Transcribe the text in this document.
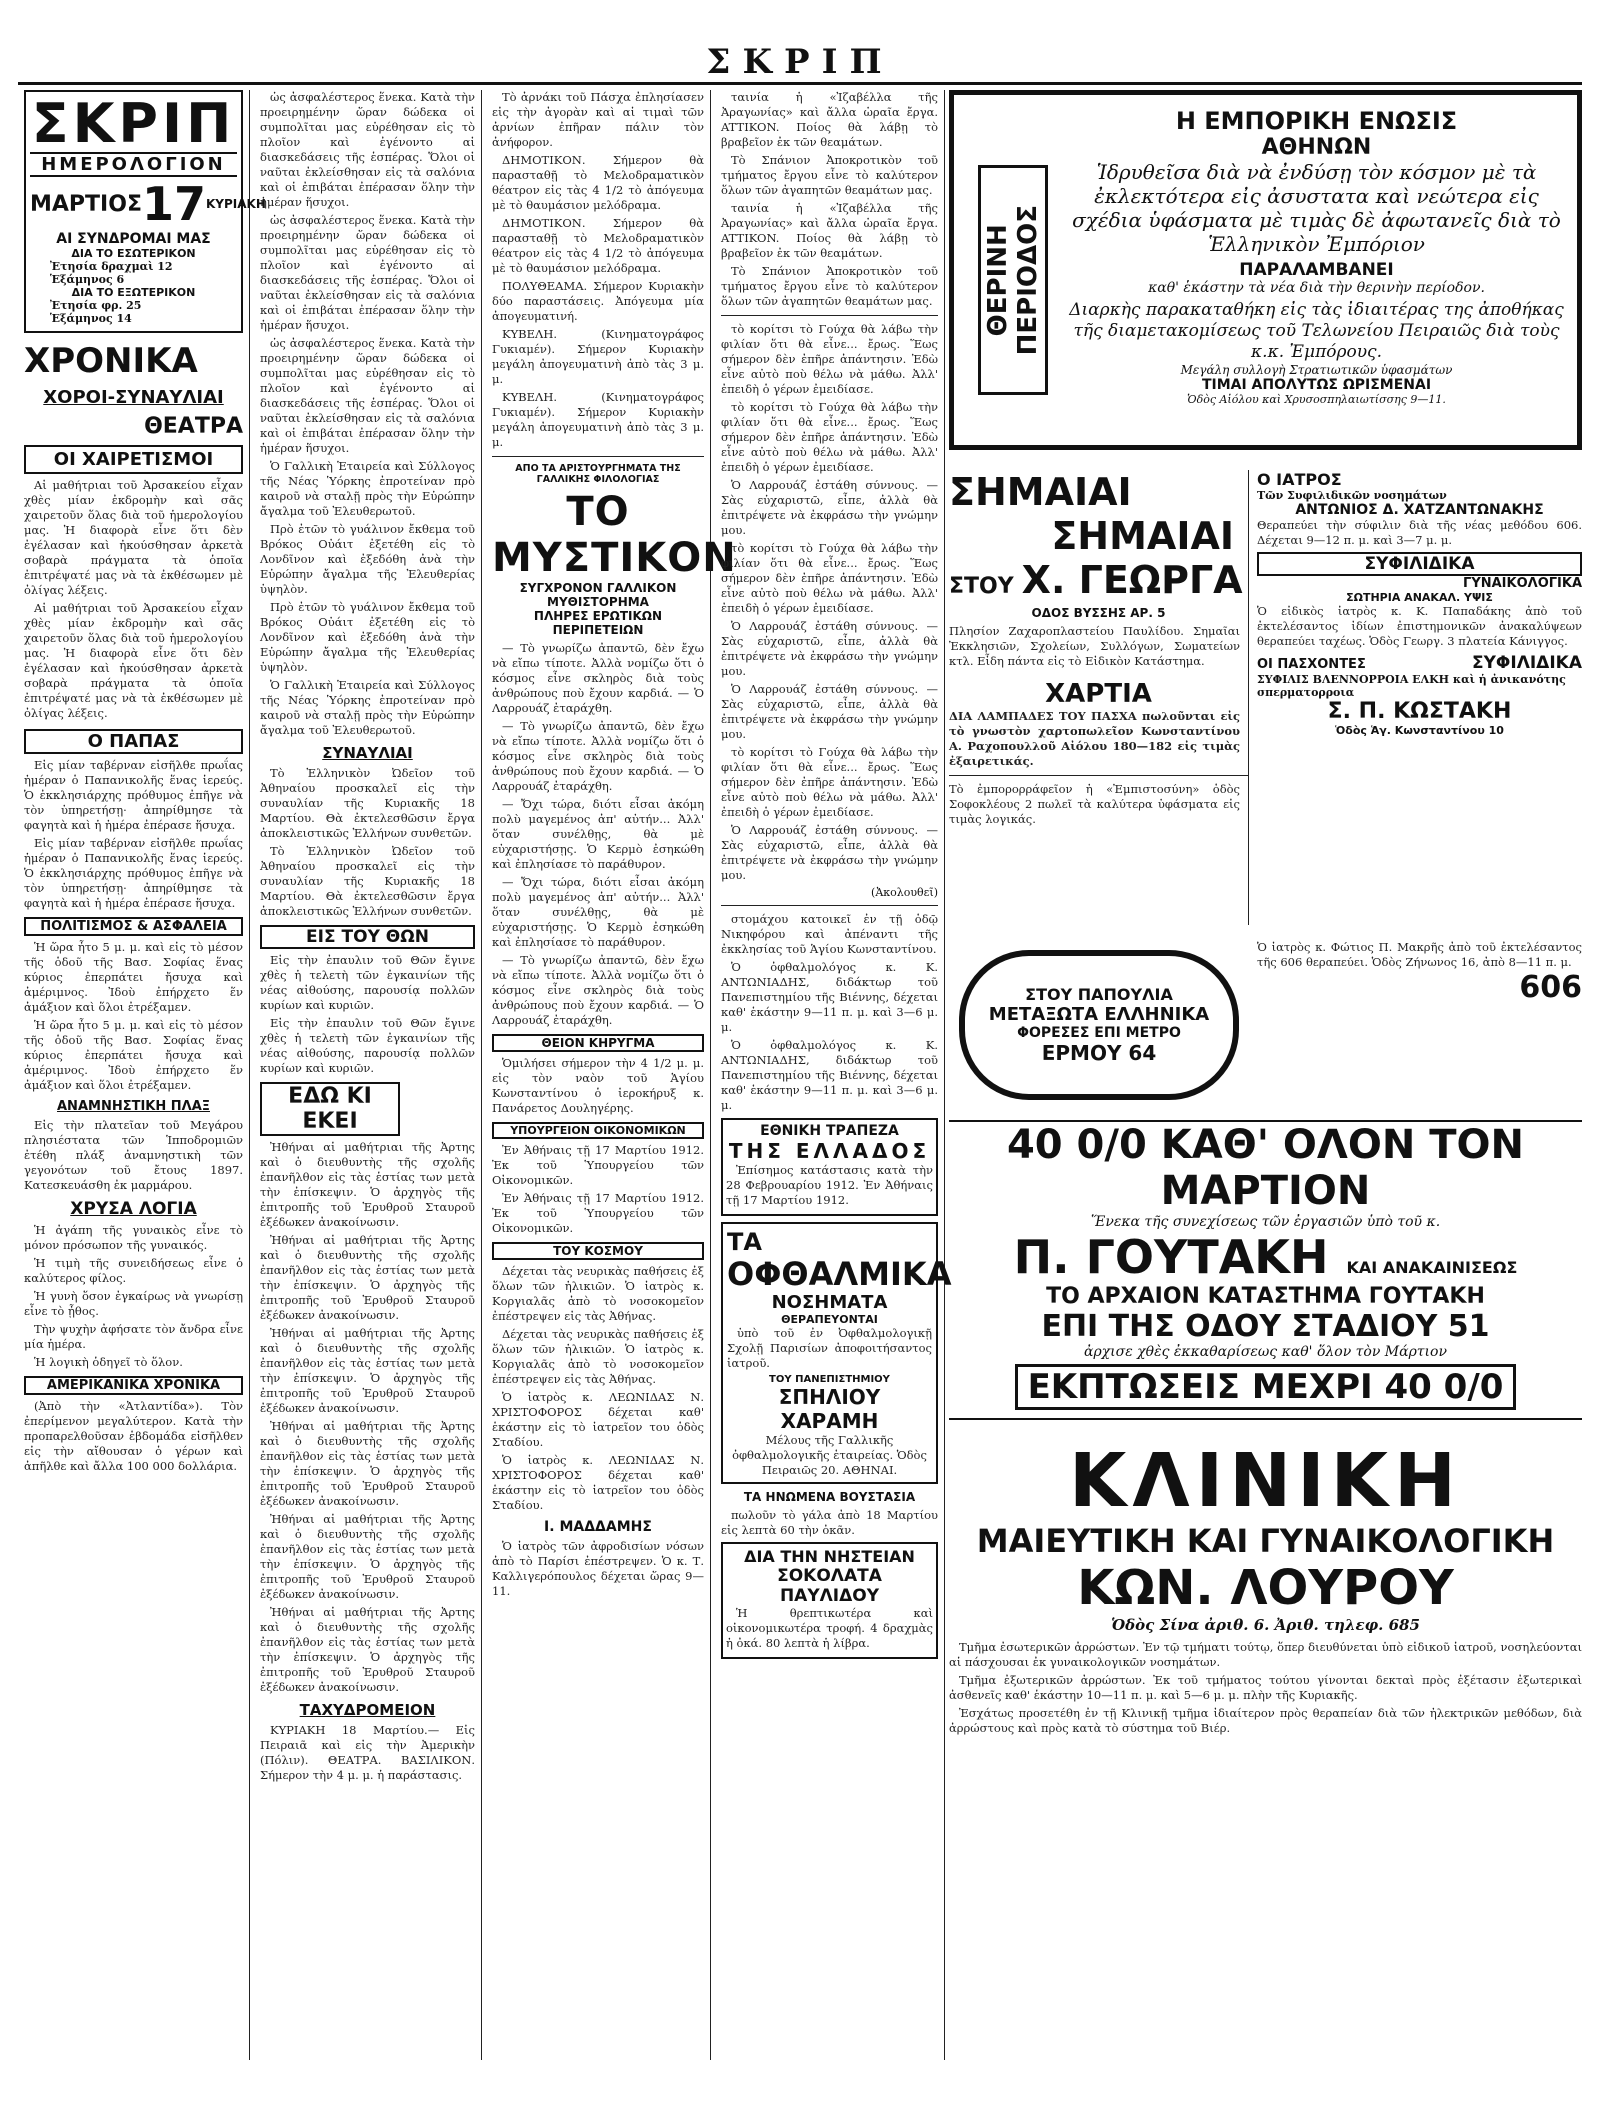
ΣΚΡΙΠ
ΣΚΡΙΠ
ΗΜΕΡΟΛΟΓΙΟΝ
ΜΑΡΤΙΟΣ 17 ΚΥΡΙΑΚΗ
ΑΙ ΣΥΝΔΡΟΜΑΙ ΜΑΣ
ΔΙΑ ΤΟ ΕΣΩΤΕΡΙΚΟΝ
Ἐτησία δραχμαὶ 12
Ἑξάμηνος 6
ΔΙΑ ΤΟ ΕΞΩΤΕΡΙΚΟΝ
Ἐτησία φρ. 25
Ἑξάμηνος 14
ΧΡΟΝΙΚΑ
ΧΟΡΟΙ-ΣΥΝΑΥΛΙΑΙ
ΘΕΑΤΡΑ
ΟΙ ΧΑΙΡΕΤΙΣΜΟΙ

Αἱ μαθήτριαι τοῦ Ἀρσακείου εἶχαν χθὲς μίαν ἐκδρομὴν καὶ σᾶς χαιρετοῦν ὅλας διὰ τοῦ ἡμερολογίου μας. Ἡ διαφορὰ εἶνε ὅτι δὲν ἐγέλασαν καὶ ἠκούσθησαν ἀρκετὰ σοβαρὰ πράγματα τὰ ὁποῖα ἐπιτρέψατέ μας νὰ τὰ ἐκθέσωμεν μὲ ὀλίγας λέξεις.

Αἱ μαθήτριαι τοῦ Ἀρσακείου εἶχαν χθὲς μίαν ἐκδρομὴν καὶ σᾶς χαιρετοῦν ὅλας διὰ τοῦ ἡμερολογίου μας. Ἡ διαφορὰ εἶνε ὅτι δὲν ἐγέλασαν καὶ ἠκούσθησαν ἀρκετὰ σοβαρὰ πράγματα τὰ ὁποῖα ἐπιτρέψατέ μας νὰ τὰ ἐκθέσωμεν μὲ ὀλίγας λέξεις.

Ο ΠΑΠΑΣ

Εἰς μίαν ταβέρναν εἰσῆλθε πρωΐας ἡμέραν ὁ Παπανικολῆς ἕνας ἱερεύς. Ὁ ἐκκλησιάρχης πρόθυμος ἐπῆγε νὰ τὸν ὑπηρετήσῃ· ἀπηρίθμησε τὰ φαγητὰ καὶ ἡ ἡμέρα ἐπέρασε ἥσυχα.

Εἰς μίαν ταβέρναν εἰσῆλθε πρωΐας ἡμέραν ὁ Παπανικολῆς ἕνας ἱερεύς. Ὁ ἐκκλησιάρχης πρόθυμος ἐπῆγε νὰ τὸν ὑπηρετήσῃ· ἀπηρίθμησε τὰ φαγητὰ καὶ ἡ ἡμέρα ἐπέρασε ἥσυχα.

ΠΟΛΙΤΙΣΜΟΣ & ΑΣΦΑΛΕΙΑ

Ἡ ὥρα ἦτο 5 μ. μ. καὶ εἰς τὸ μέσον τῆς ὁδοῦ τῆς Βασ. Σοφίας ἕνας κύριος ἐπερπάτει ἤσυχα καὶ ἀμέριμνος. Ἰδοὺ ἐπήρχετο ἕν ἀμάξιον καὶ ὅλοι ἐτρέξαμεν.

Ἡ ὥρα ἦτο 5 μ. μ. καὶ εἰς τὸ μέσον τῆς ὁδοῦ τῆς Βασ. Σοφίας ἕνας κύριος ἐπερπάτει ἤσυχα καὶ ἀμέριμνος. Ἰδοὺ ἐπήρχετο ἕν ἀμάξιον καὶ ὅλοι ἐτρέξαμεν.

ΑΝΑΜΝΗΣΤΙΚΗ ΠΛΑΞ

Εἰς τὴν πλατεῖαν τοῦ Μεγάρου πλησιέστατα τῶν Ἱπποδρομιῶν ἐτέθη πλάξ ἀναμνηστικὴ τῶν γεγονότων τοῦ ἔτους 1897. Κατεσκευάσθη ἐκ μαρμάρου.

ΧΡΥΣΑ ΛΟΓΙΑ

Ἡ ἀγάπη τῆς γυναικὸς εἶνε τὸ μόνον πρόσωπον τῆς γυναικός.

Ἡ τιμὴ τῆς συνειδήσεως εἶνε ὁ καλύτερος φίλος.

Ἡ γυνὴ ὅσον ἐγκαίρως νὰ γνωρίσῃ εἶνε τὸ ᾖθος.

Τὴν ψυχὴν ἀφήσατε τὸν ἄνδρα εἶνε μία ἡμέρα.

Ἡ λογικὴ ὁδηγεῖ τὸ ὅλον.

ΑΜΕΡΙΚΑΝΙΚΑ ΧΡΟΝΙΚΑ

(Ἀπὸ τὴν «Ἀτλαντίδα»). Τὸν ἐπερίμενον μεγαλύτερον. Κατὰ τὴν προπαρελθοῦσαν ἑβδομάδα εἰσῆλθεν εἰς τὴν αἴθουσαν ὁ γέρων καὶ ἀπῆλθε καὶ ἄλλα 100 000 δολλάρια.

ὡς ἀσφαλέστερος ἕνεκα. Κατὰ τὴν προειρημένην ὥραν δώδεκα οἱ συμπολῖται μας εὑρέθησαν εἰς τὸ πλοῖον καὶ ἐγένοντο αἱ διασκεδάσεις τῆς ἑσπέρας. Ὅλοι οἱ ναῦται ἐκλείσθησαν εἰς τὰ σαλόνια καὶ οἱ ἐπιβάται ἐπέρασαν ὅλην τὴν ἡμέραν ἥσυχοι.

ὡς ἀσφαλέστερος ἕνεκα. Κατὰ τὴν προειρημένην ὥραν δώδεκα οἱ συμπολῖται μας εὑρέθησαν εἰς τὸ πλοῖον καὶ ἐγένοντο αἱ διασκεδάσεις τῆς ἑσπέρας. Ὅλοι οἱ ναῦται ἐκλείσθησαν εἰς τὰ σαλόνια καὶ οἱ ἐπιβάται ἐπέρασαν ὅλην τὴν ἡμέραν ἥσυχοι.

ὡς ἀσφαλέστερος ἕνεκα. Κατὰ τὴν προειρημένην ὥραν δώδεκα οἱ συμπολῖται μας εὑρέθησαν εἰς τὸ πλοῖον καὶ ἐγένοντο αἱ διασκεδάσεις τῆς ἑσπέρας. Ὅλοι οἱ ναῦται ἐκλείσθησαν εἰς τὰ σαλόνια καὶ οἱ ἐπιβάται ἐπέρασαν ὅλην τὴν ἡμέραν ἥσυχοι.

Ὁ Γαλλικὴ Ἑταιρεία καὶ Σύλλογος τῆς Νέας Ὑόρκης ἐπροτείναν πρὸ καιροῦ νὰ σταλῇ πρὸς τὴν Εὐρώπην ἄγαλμα τοῦ Ἐλευθερωτοῦ.

Πρὸ ἐτῶν τὸ γυάλινον ἔκθεμα τοῦ Βρόκος Οὐάιτ ἐξετέθη εἰς τὸ Λονδῖνον καὶ ἐξεδόθη ἀνὰ τὴν Εὐρώπην ἄγαλμα τῆς Ἐλευθερίας ὑψηλὸν.

Πρὸ ἐτῶν τὸ γυάλινον ἔκθεμα τοῦ Βρόκος Οὐάιτ ἐξετέθη εἰς τὸ Λονδῖνον καὶ ἐξεδόθη ἀνὰ τὴν Εὐρώπην ἄγαλμα τῆς Ἐλευθερίας ὑψηλὸν.

Ὁ Γαλλικὴ Ἑταιρεία καὶ Σύλλογος τῆς Νέας Ὑόρκης ἐπροτείναν πρὸ καιροῦ νὰ σταλῇ πρὸς τὴν Εὐρώπην ἄγαλμα τοῦ Ἐλευθερωτοῦ.

ΣΥΝΑΥΛΙΑΙ

Τὸ Ἑλληνικὸν Ὠδεῖον τοῦ Ἀθηναίου προσκαλεῖ εἰς τὴν συναυλίαν τῆς Κυριακῆς 18 Μαρτίου. Θὰ ἐκτελεσθῶσιν ἔργα ἀποκλειστικῶς Ἑλλήνων συνθετῶν.

Τὸ Ἑλληνικὸν Ὠδεῖον τοῦ Ἀθηναίου προσκαλεῖ εἰς τὴν συναυλίαν τῆς Κυριακῆς 18 Μαρτίου. Θὰ ἐκτελεσθῶσιν ἔργα ἀποκλειστικῶς Ἑλλήνων συνθετῶν.

ΕΙΣ ΤΟΥ ΘΩΝ

Εἰς τὴν ἐπαυλιν τοῦ Θῶν ἔγινε χθὲς ἡ τελετὴ τῶν ἐγκαινίων τῆς νέας αἰθούσης, παρουσίᾳ πολλῶν κυρίων καὶ κυριῶν.

Εἰς τὴν ἐπαυλιν τοῦ Θῶν ἔγινε χθὲς ἡ τελετὴ τῶν ἐγκαινίων τῆς νέας αἰθούσης, παρουσίᾳ πολλῶν κυρίων καὶ κυριῶν.

ΕΔΩ ΚΙ ΕΚΕΙ

Ἠθήναι αἱ μαθήτριαι τῆς Ἀρτης καὶ ὁ διευθυντὴς τῆς σχολῆς ἐπανῆλθον εἰς τὰς ἑστίας των μετὰ τὴν ἐπίσκεψιν. Ὁ ἀρχηγὸς τῆς ἐπιτροπῆς τοῦ Ἑρυθροῦ Σταυροῦ ἐξέδωκεν ἀνακοίνωσιν.

Ἠθήναι αἱ μαθήτριαι τῆς Ἀρτης καὶ ὁ διευθυντὴς τῆς σχολῆς ἐπανῆλθον εἰς τὰς ἑστίας των μετὰ τὴν ἐπίσκεψιν. Ὁ ἀρχηγὸς τῆς ἐπιτροπῆς τοῦ Ἑρυθροῦ Σταυροῦ ἐξέδωκεν ἀνακοίνωσιν.

Ἠθήναι αἱ μαθήτριαι τῆς Ἀρτης καὶ ὁ διευθυντὴς τῆς σχολῆς ἐπανῆλθον εἰς τὰς ἑστίας των μετὰ τὴν ἐπίσκεψιν. Ὁ ἀρχηγὸς τῆς ἐπιτροπῆς τοῦ Ἑρυθροῦ Σταυροῦ ἐξέδωκεν ἀνακοίνωσιν.

Ἠθήναι αἱ μαθήτριαι τῆς Ἀρτης καὶ ὁ διευθυντὴς τῆς σχολῆς ἐπανῆλθον εἰς τὰς ἑστίας των μετὰ τὴν ἐπίσκεψιν. Ὁ ἀρχηγὸς τῆς ἐπιτροπῆς τοῦ Ἑρυθροῦ Σταυροῦ ἐξέδωκεν ἀνακοίνωσιν.

Ἠθήναι αἱ μαθήτριαι τῆς Ἀρτης καὶ ὁ διευθυντὴς τῆς σχολῆς ἐπανῆλθον εἰς τὰς ἑστίας των μετὰ τὴν ἐπίσκεψιν. Ὁ ἀρχηγὸς τῆς ἐπιτροπῆς τοῦ Ἑρυθροῦ Σταυροῦ ἐξέδωκεν ἀνακοίνωσιν.

Ἠθήναι αἱ μαθήτριαι τῆς Ἀρτης καὶ ὁ διευθυντὴς τῆς σχολῆς ἐπανῆλθον εἰς τὰς ἑστίας των μετὰ τὴν ἐπίσκεψιν. Ὁ ἀρχηγὸς τῆς ἐπιτροπῆς τοῦ Ἑρυθροῦ Σταυροῦ ἐξέδωκεν ἀνακοίνωσιν.

ΤΑΧΥΔΡΟΜΕΙΟΝ

ΚΥΡΙΑΚΗ 18 Μαρτίου.— Εἰς Πειραιᾶ καὶ εἰς τὴν Ἀμερικὴν (Πόλιν). ΘΕΑΤΡΑ. ΒΑΣΙΛΙΚΟΝ. Σήμερον τὴν 4 μ. μ. ἡ παράστασις.

Τὸ ἀρνάκι τοῦ Πάσχα ἐπλησίασεν εἰς τὴν ἀγορὰν καὶ αἱ τιμαὶ τῶν ἀρνίων ἐπῆραν πάλιν τὸν ἀνήφορον.

ΔΗΜΟΤΙΚΟΝ. Σήμερον θὰ παρασταθῇ τὸ Μελοδραματικὸν θέατρον εἰς τὰς 4 1/2 τὸ ἀπόγευμα μὲ τὸ θαυμάσιον μελόδραμα.

ΔΗΜΟΤΙΚΟΝ. Σήμερον θὰ παρασταθῇ τὸ Μελοδραματικὸν θέατρον εἰς τὰς 4 1/2 τὸ ἀπόγευμα μὲ τὸ θαυμάσιον μελόδραμα.

ΠΟΛΥΘΕΑΜΑ. Σήμερον Κυριακὴν δύο παραστάσεις. Ἀπόγευμα μία ἀπογευματινή.

ΚΥΒΕΛΗ. (Κινηματογράφος Γυκιαμέν). Σήμερον Κυριακὴν μεγάλη ἀπογευματινὴ ἀπὸ τὰς 3 μ. μ.

ΚΥΒΕΛΗ. (Κινηματογράφος Γυκιαμέν). Σήμερον Κυριακὴν μεγάλη ἀπογευματινὴ ἀπὸ τὰς 3 μ. μ.

ΑΠΟ ΤΑ ΑΡΙΣΤΟΥΡΓΗΜΑΤΑ ΤΗΣ ΓΑΛΛΙΚΗΣ ΦΙΛΟΛΟΓΙΑΣ
ΤΟ ΜΥΣΤΙΚΟΝ
ΣΥΓΧΡΟΝΟΝ ΓΑΛΛΙΚΟΝ ΜΥΘΙΣΤΟΡΗΜΑ
ΠΛΗΡΕΣ ΕΡΩΤΙΚΩΝ ΠΕΡΙΠΕΤΕΙΩΝ

— Τὸ γνωρίζω ἀπαντῶ, δὲν ἔχω νὰ εἴπω τίποτε. Ἀλλὰ νομίζω ὅτι ὁ κόσμος εἶνε σκληρὸς διὰ τοὺς ἀνθρώπους ποὺ ἔχουν καρδιά. — Ὁ Λαρρουάζ ἐταράχθη.

— Τὸ γνωρίζω ἀπαντῶ, δὲν ἔχω νὰ εἴπω τίποτε. Ἀλλὰ νομίζω ὅτι ὁ κόσμος εἶνε σκληρὸς διὰ τοὺς ἀνθρώπους ποὺ ἔχουν καρδιά. — Ὁ Λαρρουάζ ἐταράχθη.

— Ὄχι τώρα, διότι εἶσαι ἀκόμη πολὺ μαγεμένος ἀπ' αὐτήν... Ἀλλ' ὅταν συνέλθῃς, θὰ μὲ εὐχαριστήσῃς. Ὁ Κερμὸ ἐσηκώθη καὶ ἐπλησίασε τὸ παράθυρον.

— Ὄχι τώρα, διότι εἶσαι ἀκόμη πολὺ μαγεμένος ἀπ' αὐτήν... Ἀλλ' ὅταν συνέλθῃς, θὰ μὲ εὐχαριστήσῃς. Ὁ Κερμὸ ἐσηκώθη καὶ ἐπλησίασε τὸ παράθυρον.

— Τὸ γνωρίζω ἀπαντῶ, δὲν ἔχω νὰ εἴπω τίποτε. Ἀλλὰ νομίζω ὅτι ὁ κόσμος εἶνε σκληρὸς διὰ τοὺς ἀνθρώπους ποὺ ἔχουν καρδιά. — Ὁ Λαρρουάζ ἐταράχθη.

ΘΕΙΟΝ ΚΗΡΥΓΜΑ

Ὁμιλήσει σήμερον τὴν 4 1/2 μ. μ. εἰς τὸν ναὸν τοῦ Ἁγίου Κωνσταντίνου ὁ ἱεροκήρυξ κ. Πανάρετος Δουληγέρης.

ΥΠΟΥΡΓΕΙΟΝ ΟΙΚΟΝΟΜΙΚΩΝ

Ἐν Ἀθήναις τῇ 17 Μαρτίου 1912. Ἐκ τοῦ Ὑπουργείου τῶν Οἰκονομικῶν.

Ἐν Ἀθήναις τῇ 17 Μαρτίου 1912. Ἐκ τοῦ Ὑπουργείου τῶν Οἰκονομικῶν.

ΤΟΥ ΚΟΣΜΟΥ

Δέχεται τὰς νευρικὰς παθήσεις ἐξ ὅλων τῶν ἡλικιῶν. Ὁ ἰατρὸς κ. Κοργιαλᾶς ἀπὸ τὸ νοσοκομεῖον ἐπέστρεψεν εἰς τὰς Ἀθήνας.

Δέχεται τὰς νευρικὰς παθήσεις ἐξ ὅλων τῶν ἡλικιῶν. Ὁ ἰατρὸς κ. Κοργιαλᾶς ἀπὸ τὸ νοσοκομεῖον ἐπέστρεψεν εἰς τὰς Ἀθήνας.

Ὁ ἰατρὸς κ. ΛΕΩΝΙΔΑΣ Ν. ΧΡΙΣΤΟΦΟΡΟΣ δέχεται καθ' ἑκάστην εἰς τὸ ἰατρεῖον του ὁδὸς Σταδίου.

Ὁ ἰατρὸς κ. ΛΕΩΝΙΔΑΣ Ν. ΧΡΙΣΤΟΦΟΡΟΣ δέχεται καθ' ἑκάστην εἰς τὸ ἰατρεῖον του ὁδὸς Σταδίου.

Ι. ΜΑΔΔΑΜΗΣ

Ὁ ἰατρὸς τῶν ἀφροδισίων νόσων ἀπὸ τὸ Παρίσι ἐπέστρεψεν. Ὁ κ. Τ. Καλλιγερόπουλος δέχεται ὥρας 9—11.

ταινία ἡ «Ἰζαβέλλα τῆς Ἀραγωνίας» καὶ ἄλλα ὡραῖα ἔργα. ATTIKON. Ποίος θὰ λάβῃ τὸ βραβεῖον ἐκ τῶν θεαμάτων.

Τὸ Σπάνιον Ἀποκροτικὸν τοῦ τμήματος ἔργου εἶνε τὸ καλύτερον ὅλων τῶν ἀγαπητῶν θεαμάτων μας.

ταινία ἡ «Ἰζαβέλλα τῆς Ἀραγωνίας» καὶ ἄλλα ὡραῖα ἔργα. ATTIKON. Ποίος θὰ λάβῃ τὸ βραβεῖον ἐκ τῶν θεαμάτων.

Τὸ Σπάνιον Ἀποκροτικὸν τοῦ τμήματος ἔργου εἶνε τὸ καλύτερον ὅλων τῶν ἀγαπητῶν θεαμάτων μας.

τὸ κορίτσι τὸ Γούχα θὰ λάβω τὴν φιλίαν ὅτι θὰ εἶνε... ἔρως. Ἕως σήμερον δὲν ἐπῆρε ἀπάντησιν. Ἐδὼ εἶνε αὐτὸ ποὺ θέλω νὰ μάθω. Ἀλλ' ἐπειδὴ ὁ γέρων ἐμειδίασε.

τὸ κορίτσι τὸ Γούχα θὰ λάβω τὴν φιλίαν ὅτι θὰ εἶνε... ἔρως. Ἕως σήμερον δὲν ἐπῆρε ἀπάντησιν. Ἐδὼ εἶνε αὐτὸ ποὺ θέλω νὰ μάθω. Ἀλλ' ἐπειδὴ ὁ γέρων ἐμειδίασε.

Ὁ Λαρρουάζ ἐστάθη σύννους. — Σὰς εὐχαριστῶ, εἶπε, ἀλλὰ θὰ ἐπιτρέψετε νὰ ἐκφράσω τὴν γνώμην μου.

τὸ κορίτσι τὸ Γούχα θὰ λάβω τὴν φιλίαν ὅτι θὰ εἶνε... ἔρως. Ἕως σήμερον δὲν ἐπῆρε ἀπάντησιν. Ἐδὼ εἶνε αὐτὸ ποὺ θέλω νὰ μάθω. Ἀλλ' ἐπειδὴ ὁ γέρων ἐμειδίασε.

Ὁ Λαρρουάζ ἐστάθη σύννους. — Σὰς εὐχαριστῶ, εἶπε, ἀλλὰ θὰ ἐπιτρέψετε νὰ ἐκφράσω τὴν γνώμην μου.

Ὁ Λαρρουάζ ἐστάθη σύννους. — Σὰς εὐχαριστῶ, εἶπε, ἀλλὰ θὰ ἐπιτρέψετε νὰ ἐκφράσω τὴν γνώμην μου.

τὸ κορίτσι τὸ Γούχα θὰ λάβω τὴν φιλίαν ὅτι θὰ εἶνε... ἔρως. Ἕως σήμερον δὲν ἐπῆρε ἀπάντησιν. Ἐδὼ εἶνε αὐτὸ ποὺ θέλω νὰ μάθω. Ἀλλ' ἐπειδὴ ὁ γέρων ἐμειδίασε.

Ὁ Λαρρουάζ ἐστάθη σύννους. — Σὰς εὐχαριστῶ, εἶπε, ἀλλὰ θὰ ἐπιτρέψετε νὰ ἐκφράσω τὴν γνώμην μου.

(Ἀκολουθεῖ)

στομάχου κατοικεῖ ἐν τῇ ὁδῷ Νικηφόρου καὶ ἀπέναντι τῆς ἐκκλησίας τοῦ Ἁγίου Κωνσταντίνου.

Ὁ ὀφθαλμολόγος κ. Κ. ΑΝΤΩΝΙΑΔΗΣ, διδάκτωρ τοῦ Πανεπιστημίου τῆς Βιέννης, δέχεται καθ' ἑκάστην 9—11 π. μ. καὶ 3—6 μ. μ.

Ὁ ὀφθαλμολόγος κ. Κ. ΑΝΤΩΝΙΑΔΗΣ, διδάκτωρ τοῦ Πανεπιστημίου τῆς Βιέννης, δέχεται καθ' ἑκάστην 9—11 π. μ. καὶ 3—6 μ. μ.

ΕΘΝΙΚΗ ΤΡΑΠΕΖΑ
ΤΗΣ ΕΛΛΑΔΟΣ

Ἐπίσημος κατάστασις κατὰ τὴν 28 Φεβρουαρίου 1912. Ἐν Ἀθήναις τῇ 17 Μαρτίου 1912.

ΤΑ
ΟΦΘΑΛΜΙΚΑ
ΝΟΣΗΜΑΤΑ
ΘΕΡΑΠΕΥΟΝΤΑΙ

ὑπὸ τοῦ ἐν Ὀφθαλμολογικῇ Σχολῇ Παρισίων ἀποφοιτήσαντος ἰατροῦ.

ΤΟΥ ΠΑΝΕΠΙΣΤΗΜΙΟΥ
ΣΠΗΛΙΟΥ ΧΑΡΑΜΗ
Μέλους τῆς Γαλλικῆς ὀφθαλμολογικῆς ἑταιρείας. Ὁδὸς Πειραιῶς 20. ΑΘΗΝΑΙ.
ΤΑ ΗΝΩΜΕΝΑ ΒΟΥΣΤΑΣΙΑ

πωλοῦν τὸ γάλα ἀπὸ 18 Μαρτίου εἰς λεπτὰ 60 τὴν ὀκᾶν.

ΔΙΑ ΤΗΝ ΝΗΣΤΕΙΑΝ
ΣΟΚΟΛΑΤΑ ΠΑΥΛΙΔΟΥ

Ἡ θρεπτικωτέρα καὶ οἰκονομικωτέρα τροφή. 4 δραχμὰς ἡ ὀκά. 80 λεπτὰ ἡ λίβρα.

ΘΕΡΙΝΗ
ΠΕΡΙΟΔΟΣ
Η ΕΜΠΟΡΙΚΗ ΕΝΩΣΙΣ
ΑΘΗΝΩΝ
Ἱδρυθεῖσα διὰ νὰ ἐνδύσῃ τὸν κόσμον μὲ τὰ ἐκλεκτότερα εἰς ἀσυστατα καὶ νεώτερα εἰς σχέδια ὑφάσματα μὲ τιμὰς δὲ ἀφωτανεῖς διὰ τὸ Ἑλληνικὸν Ἐμπόριον
ΠΑΡΑΛΑΜΒΑΝΕΙ
καθ' ἑκάστην τὰ νέα διὰ τὴν θερινὴν περίοδον.
Διαρκὴς παρακαταθήκη εἰς τὰς ἰδιαιτέρας της ἀποθήκας τῆς διαμετακομίσεως τοῦ Τελωνείου Πειραιῶς διὰ τοὺς κ.κ. Ἐμπόρους.
Μεγάλη συλλογὴ Στρατιωτικῶν ὑφασμάτων
ΤΙΜΑΙ ΑΠΟΛΥΤΩΣ ΩΡΙΣΜΕΝΑΙ
Ὁδὸς Αἰόλου καὶ Χρυσοσπηλαιωτίσσης 9—11.
ΣΗΜΑΙΑΙ
ΣΗΜΑΙΑΙ
ΣΤΟΥ Χ. ΓΕΩΡΓΑ
ΟΔΟΣ ΒΥΣΣΗΣ ΑΡ. 5
Πλησίον Ζαχαροπλαστείου Παυλίδου. Σημαῖαι Ἐκκλησιῶν, Σχολείων, Συλλόγων, Σωματείων κτλ. Εἶδη πάντα εἰς τὸ Εἰδικὸν Κατάστημα.
ΧΑΡΤΙΑ
ΔΙΑ ΛΑΜΠΑΔΕΣ ΤΟΥ ΠΑΣΧΑ πωλοῦνται εἰς τὸ γνωστὸν χαρτοπωλεῖον Κωνσταντίνου Α. Ραχοπουλλοῦ Αἰόλου 180—182 εἰς τιμὰς ἐξαιρετικάς.
Τὸ ἐμπορορράφεῖον ἡ «Ἐμπιστοσύνη» ὁδὸς Σοφοκλέους 2 πωλεῖ τὰ καλύτερα ὑφάσματα εἰς τιμὰς λογικάς.
Ο ΙΑΤΡΟΣ
Τῶν Συφιλιδικῶν νοσημάτων
ΑΝΤΩΝΙΟΣ Δ. ΧΑΤΖΑΝΤΩΝΑΚΗΣ
Θεραπεύει τὴν σύφιλιν διὰ τῆς νέας μεθόδου 606. Δέχεται 9—12 π. μ. καὶ 3—7 μ. μ.
ΣΥΦΙΛΙΔΙΚΑ
ΓΥΝΑΙΚΟΛΟΓΙΚΑ
ΣΩΤΗΡΙΑ ΑΝΑΚΑΛ. ΥΨΙΣ
Ὁ εἰδικὸς ἰατρὸς κ. Κ. Παπαδάκης ἀπὸ τοῦ ἐκτελέσαντος ἰδίων ἐπιστημονικῶν ἀνακαλύψεων θεραπεύει ταχέως. Ὁδὸς Γεωργ. 3 πλατεία Κάνιγγος.
ΟΙ ΠΑΣΧΟΝΤΕΣ	ΣΥΦΙΛΙΔΙΚΑ
ΣΥΦΙΛΙΣ ΒΛΕΝΝΟΡΡΟΙΑ ΕΛΚΗ καὶ ἡ ἀνικανότης σπερματορροια
Σ. Π. ΚΩΣΤΑΚΗ
Ὁδὸς Ἁγ. Κωνσταντίνου 10
Ὁ ἰατρὸς κ. Φώτιος Π. Μακρῆς ἀπὸ τοῦ ἐκτελέσαντος τῆς 606 θεραπεύει. Ὁδὸς Ζήνωνος 16, ἀπὸ 8—11 π. μ.
606
ΣΤΟΥ ΠΑΠΟΥΛΙΑ
ΜΕΤΑΞΩΤΑ ΕΛΛΗΝΙΚΑ
ΦΟΡΕΣΕΣ ΕΠΙ ΜΕΤΡΟ
ΕΡΜΟΥ 64
40 0/0 ΚΑΘ' ΟΛΟΝ ΤΟΝ ΜΑΡΤΙΟΝ
Ἕνεκα τῆς συνεχίσεως τῶν ἐργασιῶν ὑπὸ τοῦ κ.
Π. ΓΟΥΤΑΚΗ ΚΑΙ ΑΝΑΚΑΙΝΙΣΕΩΣ
ΤΟ ΑΡΧΑΙΟΝ ΚΑΤΑΣΤΗΜΑ ΓΟΥΤΑΚΗ
ΕΠΙ ΤΗΣ ΟΔΟΥ ΣΤΑΔΙΟΥ 51
ἀρχισε χθὲς ἐκκαθαρίσεως καθ' ὅλον τὸν Μάρτιον
ΕΚΠΤΩΣΕΙΣ ΜΕΧΡΙ 40 0/0
ΚΛΙΝΙΚΗ
ΜΑΙΕΥΤΙΚΗ ΚΑΙ ΓΥΝΑΙΚΟΛΟΓΙΚΗ
ΚΩΝ. ΛΟΥΡΟΥ
Ὁδὸς Σίνα ἀριθ. 6. Ἀριθ. τηλεφ. 685

Τμῆμα ἐσωτερικῶν ἀρρώστων. Ἐν τῷ τμήματι τούτῳ, ὅπερ διευθύνεται ὑπὸ εἰδικοῦ ἰατροῦ, νοσηλεύονται αἱ πάσχουσαι ἐκ γυναικολογικῶν νοσημάτων.

Τμῆμα ἐξωτερικῶν ἀρρώστων. Ἐκ τοῦ τμήματος τούτου γίνονται δεκταὶ πρὸς ἐξέτασιν ἐξωτερικαὶ ἀσθενεῖς καθ' ἑκάστην 10—11 π. μ. καὶ 5—6 μ. μ. πλὴν τῆς Κυριακῆς.

Ἐσχάτως προσετέθη ἐν τῇ Κλινικῇ τμῆμα ἰδιαίτερον πρὸς θεραπείαν διὰ τῶν ἠλεκτρικῶν μεθόδων, διὰ ἀρρώστους καὶ πρὸς κατὰ τὸ σύστημα τοῦ Βιέρ.
